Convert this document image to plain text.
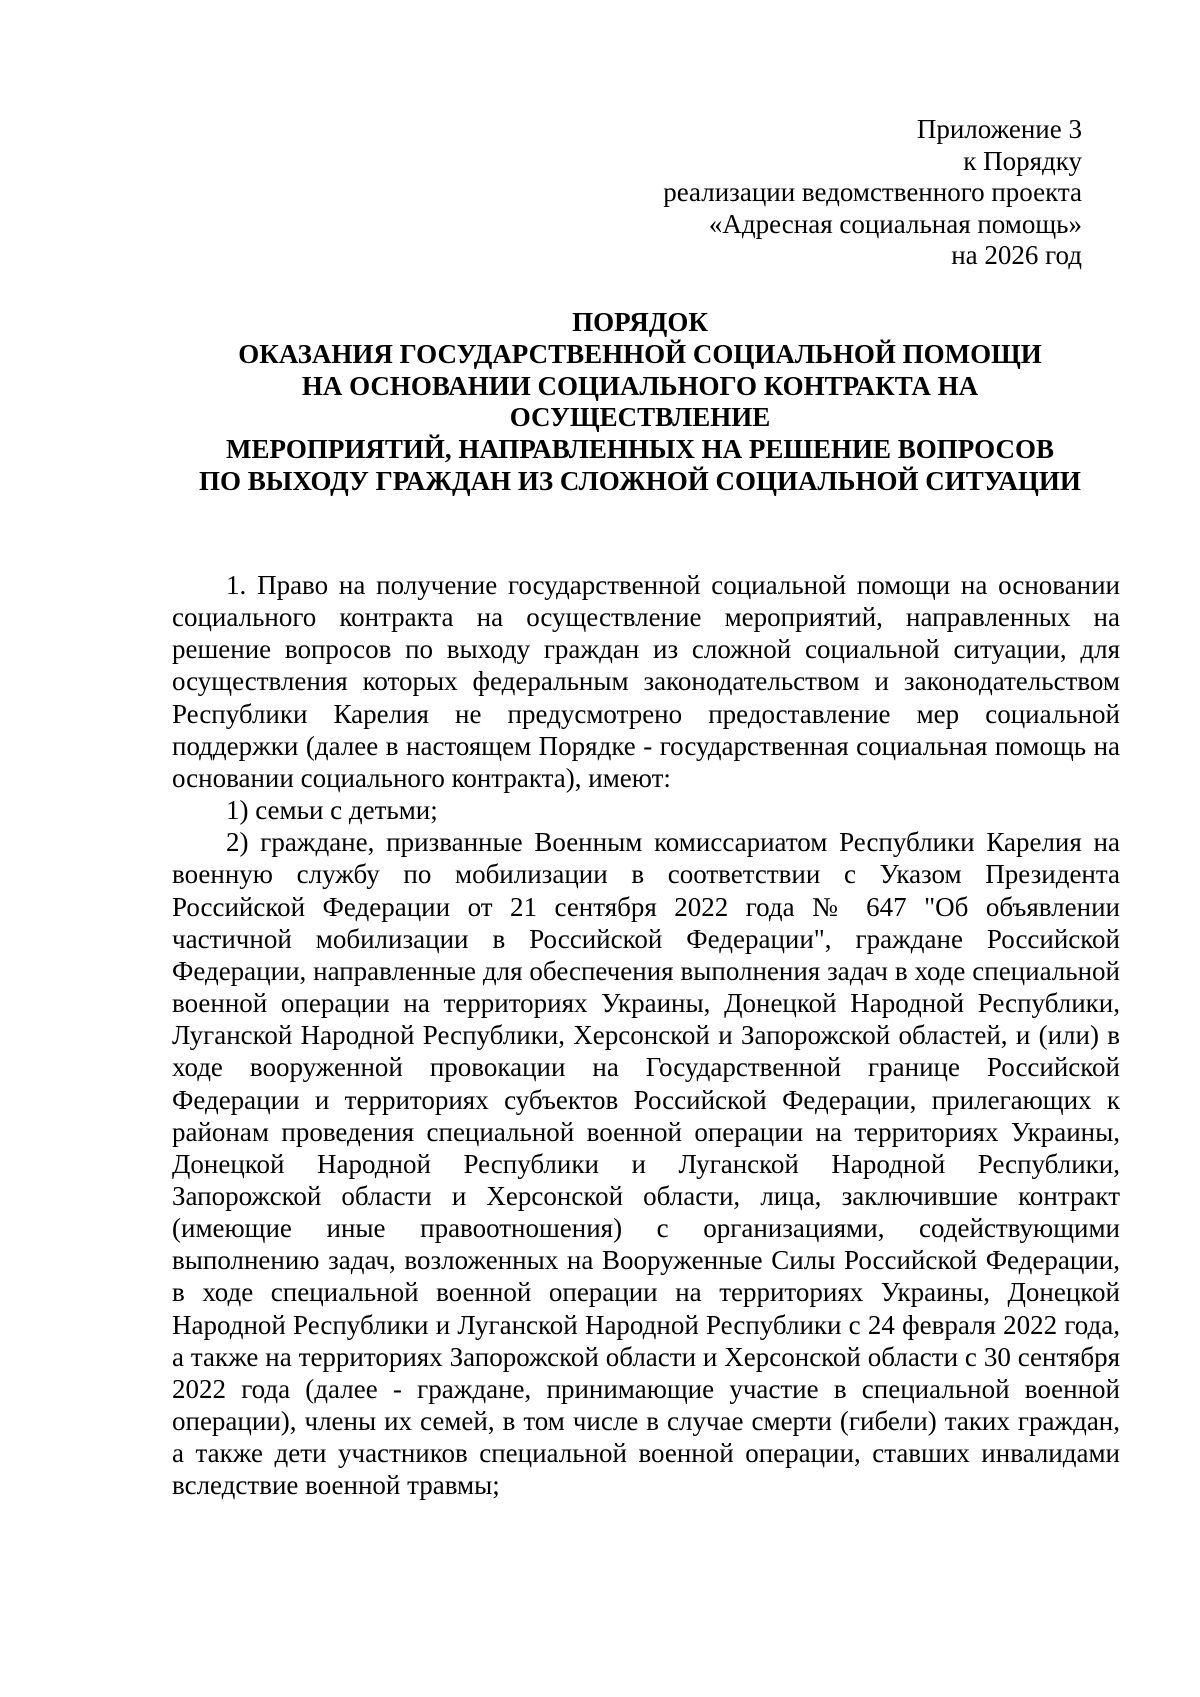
Приложение 3
к Порядку
реализации ведомственного проекта
«Адресная социальная помощь»
на 2026 год
ПОРЯДОК
ОКАЗАНИЯ ГОСУДАРСТВЕННОЙ СОЦИАЛЬНОЙ ПОМОЩИ
НА ОСНОВАНИИ СОЦИАЛЬНОГО КОНТРАКТА НА
ОСУЩЕСТВЛЕНИЕ
МЕРОПРИЯТИЙ, НАПРАВЛЕННЫХ НА РЕШЕНИЕ ВОПРОСОВ
ПО ВЫХОДУ ГРАЖДАН ИЗ СЛОЖНОЙ СОЦИАЛЬНОЙ СИТУАЦИИ

1. Право на получение государственной социальной помощи на основании социального контракта на осуществление мероприятий, направленных на решение вопросов по выходу граждан из сложной социальной ситуации, для осуществления которых федеральным законодательством и законодательством Республики Карелия не предусмотрено предоставление мер социальной поддержки (далее в настоящем Порядке - государственная социальная помощь на основании социального контракта), имеют:

1) семьи с детьми;

2) граждане, призванные Военным комиссариатом Республики Карелия на военную службу по мобилизации в соответствии с Указом Президента Российской Федерации от 21 сентября 2022 года № 647 "Об объявлении частичной мобилизации в Российской Федерации", граждане Российской Федерации, направленные для обеспечения выполнения задач в ходе специальной военной операции на территориях Украины, Донецкой Народной Республики, Луганской Народной Республики, Херсонской и Запорожской областей, и (или) в ходе вооруженной провокации на Государственной границе Российской Федерации и территориях субъектов Российской Федерации, прилегающих к районам проведения специальной военной операции на территориях Украины, Донецкой Народной Республики и Луганской Народной Республики, Запорожской области и Херсонской области, лица, заключившие контракт (имеющие иные правоотношения) с организациями, содействующими выполнению задач, возложенных на Вооруженные Силы Российской Федерации, в ходе специальной военной операции на территориях Украины, Донецкой Народной Республики и Луганской Народной Республики с 24 февраля 2022 года, а также на территориях Запорожской области и Херсонской области с 30 сентября 2022 года (далее - граждане, принимающие участие в специальной военной операции), члены их семей, в том числе в случае смерти (гибели) таких граждан, а также дети участников специальной военной операции, ставших инвалидами вследствие военной травмы;
